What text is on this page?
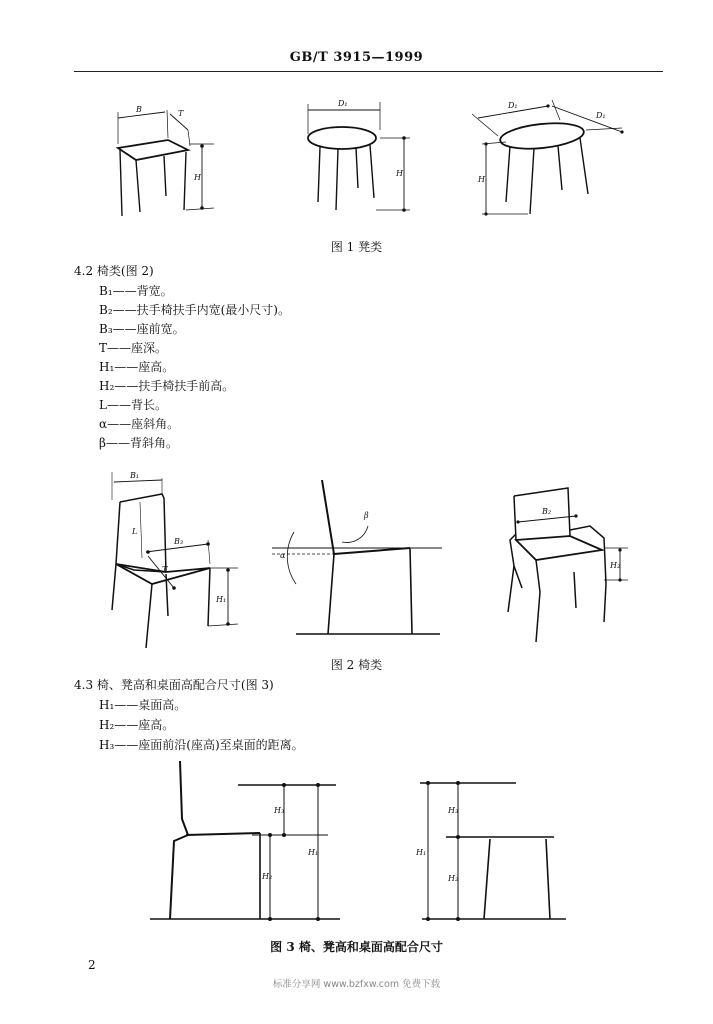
GB/T 3915—1999
B	T
H
D₁
H
D₁
D₁
H
图 1 凳类
4.2 椅类(图 2)
B₁——背宽。
B₂——扶手椅扶手内宽(最小尺寸)。
B₃——座前宽。
T——座深。
H₁——座高。
H₂——扶手椅扶手前高。
L——背长。
α——座斜角。
β——背斜角。
B₁
L
B₃
T
H₁
β
α
B₂
H₂
图 2 椅类
4.3 椅、凳高和桌面高配合尺寸(图 3)
H₁——桌面高。
H₂——座高。
H₃——座面前沿(座高)至桌面的距离。
H₃
H₁
H₂
H₃
H₁
H₂
图 3 椅、凳高和桌面高配合尺寸
2
标准分享网 www.bzfxw.com 免费下载
